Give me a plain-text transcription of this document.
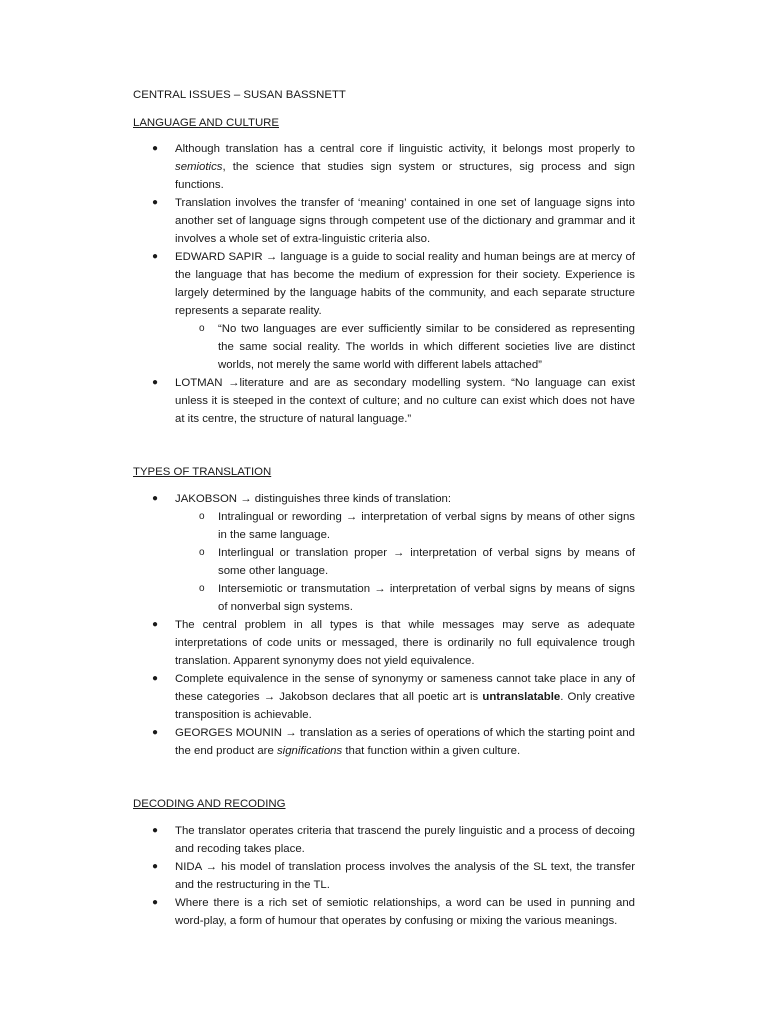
CENTRAL ISSUES – SUSAN BASSNETT
LANGUAGE AND CULTURE
● Although translation has a central core if linguistic activity, it belongs most properly to semiotics, the science that studies sign system or structures, sig process and sign functions.
● Translation involves the transfer of ‘meaning’ contained in one set of language signs into another set of language signs through competent use of the dictionary and grammar and it involves a whole set of extra-linguistic criteria also.
● EDWARD SAPIR → language is a guide to social reality and human beings are at mercy of the language that has become the medium of expression for their society. Experience is largely determined by the language habits of the community, and each separate structure represents a separate reality.
o “No two languages are ever sufficiently similar to be considered as representing the same social reality. The worlds in which different societies live are distinct worlds, not merely the same world with different labels attached”
● LOTMAN →literature and are as secondary modelling system. “No language can exist unless it is steeped in the context of culture; and no culture can exist which does not have at its centre, the structure of natural language.”
TYPES OF TRANSLATION
● JAKOBSON → distinguishes three kinds of translation:
o Intralingual or rewording → interpretation of verbal signs by means of other signs in the same language.
o Interlingual or translation proper → interpretation of verbal signs by means of some other language.
o Intersemiotic or transmutation → interpretation of verbal signs by means of signs of nonverbal sign systems.
● The central problem in all types is that while messages may serve as adequate interpretations of code units or messaged, there is ordinarily no full equivalence trough translation. Apparent synonymy does not yield equivalence.
● Complete equivalence in the sense of synonymy or sameness cannot take place in any of these categories → Jakobson declares that all poetic art is untranslatable. Only creative transposition is achievable.
● GEORGES MOUNIN → translation as a series of operations of which the starting point and the end product are significations that function within a given culture.
DECODING AND RECODING
● The translator operates criteria that trascend the purely linguistic and a process of decoing and recoding takes place.
● NIDA → his model of translation process involves the analysis of the SL text, the transfer and the restructuring in the TL.
● Where there is a rich set of semiotic relationships, a word can be used in punning and word-play, a form of humour that operates by confusing or mixing the various meanings.
